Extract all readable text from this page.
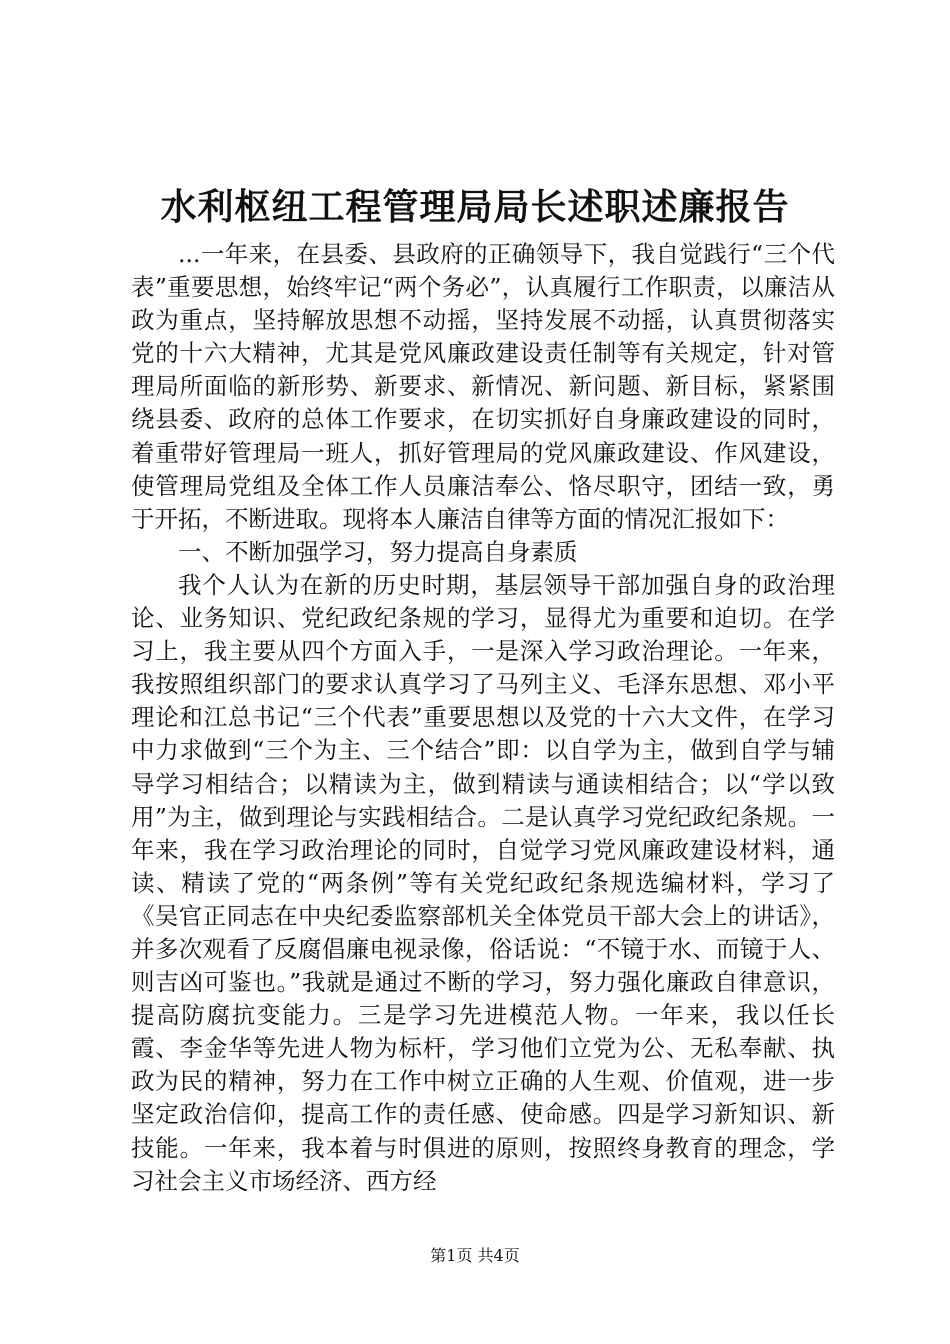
水利枢纽工程管理局局长述职述廉报告

...一年来，在县委、县政府的正确领导下，我自觉践行“三个代表”重要思想，始终牢记“两个务必”，认真履行工作职责，以廉洁从政为重点，坚持解放思想不动摇，坚持发展不动摇，认真贯彻落实党的十六大精神，尤其是党风廉政建设责任制等有关规定，针对管理局所面临的新形势、新要求、新情况、新问题、新目标，紧紧围绕县委、政府的总体工作要求，在切实抓好自身廉政建设的同时，着重带好管理局一班人，抓好管理局的党风廉政建设、作风建设，使管理局党组及全体工作人员廉洁奉公、恪尽职守，团结一致，勇于开拓，不断进取。现将本人廉洁自律等方面的情况汇报如下：

一、不断加强学习，努力提高自身素质

我个人认为在新的历史时期，基层领导干部加强自身的政治理论、业务知识、党纪政纪条规的学习，显得尤为重要和迫切。在学习上，我主要从四个方面入手，一是深入学习政治理论。一年来，我按照组织部门的要求认真学习了马列主义、毛泽东思想、邓小平理论和江总书记“三个代表”重要思想以及党的十六大文件，在学习中力求做到“三个为主、三个结合”即：以自学为主，做到自学与辅导学习相结合；以精读为主，做到精读与通读相结合；以“学以致用”为主，做到理论与实践相结合。二是认真学习党纪政纪条规。一年来，我在学习政治理论的同时，自觉学习党风廉政建设材料，通读、精读了党的“两条例”等有关党纪政纪条规选编材料，学习了《吴官正同志在中央纪委监察部机关全体党员干部大会上的讲话》，并多次观看了反腐倡廉电视录像，俗话说：“不镜于水、而镜于人、则吉凶可鉴也。”我就是通过不断的学习，努力强化廉政自律意识，提高防腐抗变能力。三是学习先进模范人物。一年来，我以任长霞、李金华等先进人物为标杆，学习他们立党为公、无私奉献、执政为民的精神，努力在工作中树立正确的人生观、价值观，进一步坚定政治信仰，提高工作的责任感、使命感。四是学习新知识、新技能。一年来，我本着与时俱进的原则，按照终身教育的理念，学习社会主义市场经济、西方经

第1页 共4页
